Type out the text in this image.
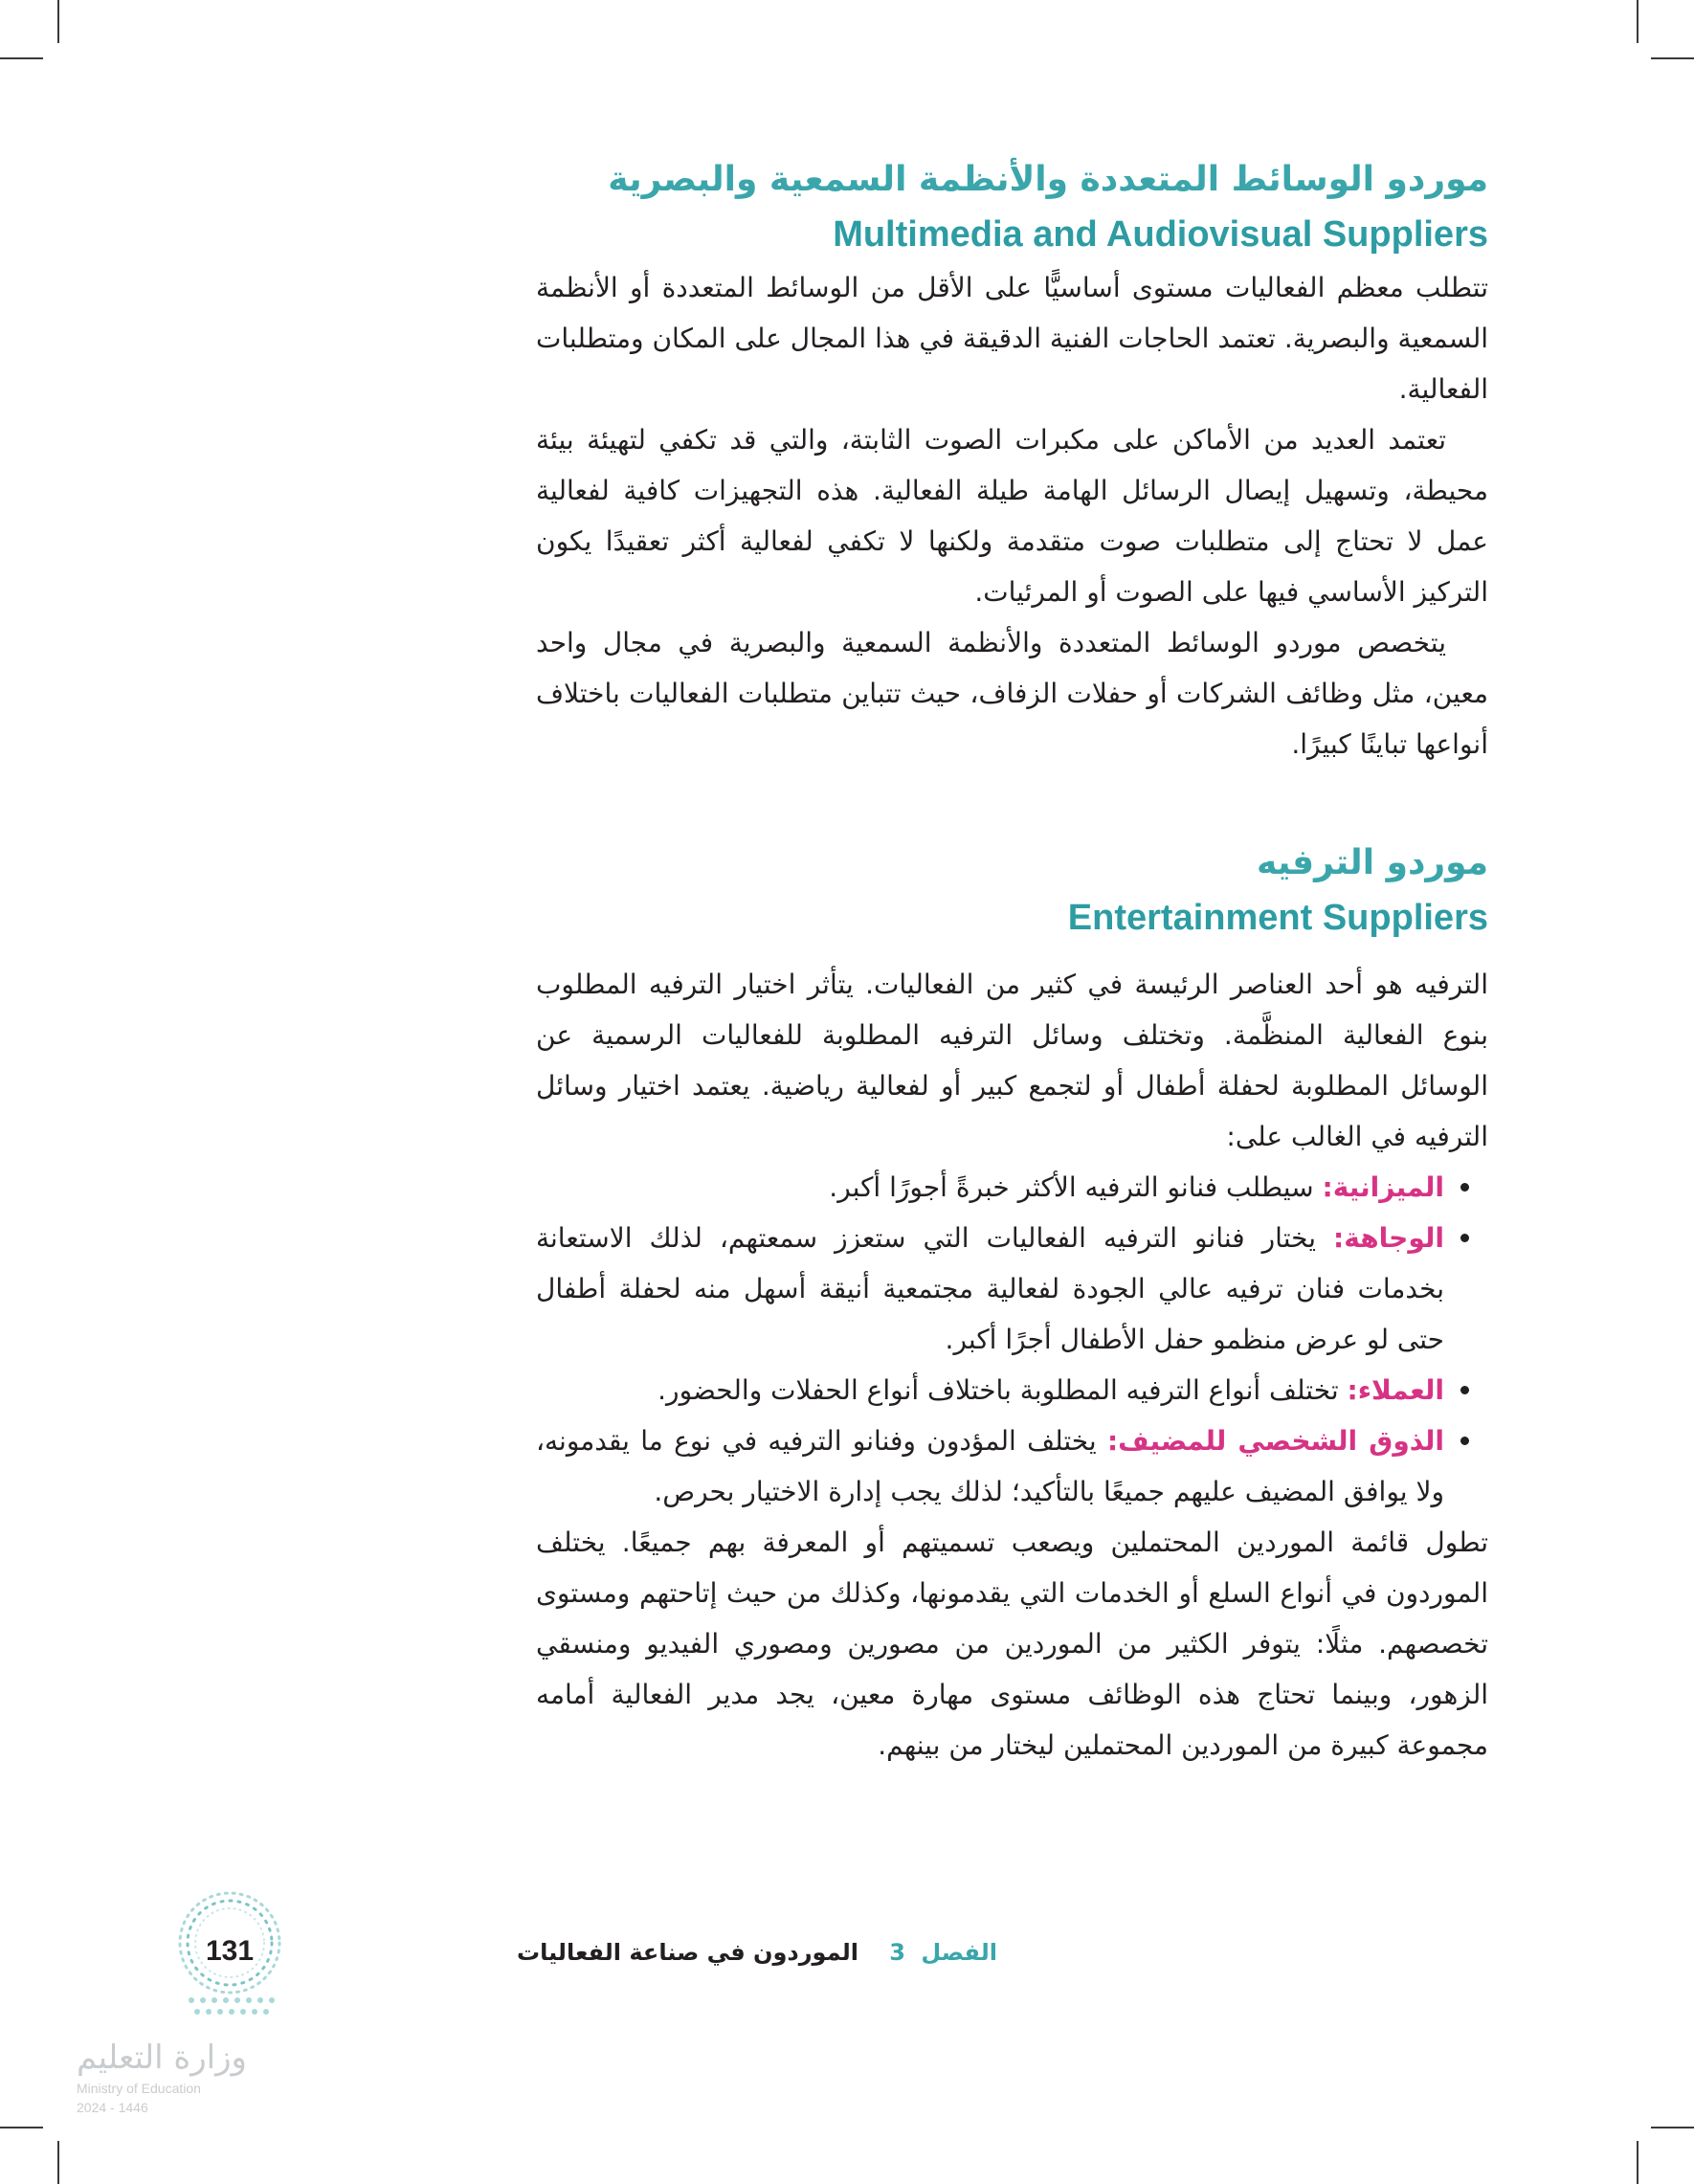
موردو الوسائط المتعددة والأنظمة السمعية والبصرية
Multimedia and Audiovisual Suppliers

تتطلب معظم الفعاليات مستوى أساسيًّا على الأقل من الوسائط المتعددة أو الأنظمة السمعية والبصرية. تعتمد الحاجات الفنية الدقيقة في هذا المجال على المكان ومتطلبات الفعالية.

تعتمد العديد من الأماكن على مكبرات الصوت الثابتة، والتي قد تكفي لتهيئة بيئة محيطة، وتسهيل إيصال الرسائل الهامة طيلة الفعالية. هذه التجهيزات كافية لفعالية عمل لا تحتاج إلى متطلبات صوت متقدمة ولكنها لا تكفي لفعالية أكثر تعقيدًا يكون التركيز الأساسي فيها على الصوت أو المرئيات.

يتخصص موردو الوسائط المتعددة والأنظمة السمعية والبصرية في مجال واحد معين، مثل وظائف الشركات أو حفلات الزفاف، حيث تتباين متطلبات الفعاليات باختلاف أنواعها تباينًا كبيرًا.

موردو الترفيه
Entertainment Suppliers

الترفيه هو أحد العناصر الرئيسة في كثير من الفعاليات. يتأثر اختيار الترفيه المطلوب بنوع الفعالية المنظَّمة. وتختلف وسائل الترفيه المطلوبة للفعاليات الرسمية عن الوسائل المطلوبة لحفلة أطفال أو لتجمع كبير أو لفعالية رياضية. يعتمد اختيار وسائل الترفيه في الغالب على:

الميزانية: سيطلب فنانو الترفيه الأكثر خبرةً أجورًا أكبر.
الوجاهة: يختار فنانو الترفيه الفعاليات التي ستعزز سمعتهم، لذلك الاستعانة بخدمات فنان ترفيه عالي الجودة لفعالية مجتمعية أنيقة أسهل منه لحفلة أطفال حتى لو عرض منظمو حفل الأطفال أجرًا أكبر.
العملاء: تختلف أنواع الترفيه المطلوبة باختلاف أنواع الحفلات والحضور.
الذوق الشخصي للمضيف: يختلف المؤدون وفنانو الترفيه في نوع ما يقدمونه، ولا يوافق المضيف عليهم جميعًا بالتأكيد؛ لذلك يجب إدارة الاختيار بحرص.

تطول قائمة الموردين المحتملين ويصعب تسميتهم أو المعرفة بهم جميعًا. يختلف الموردون في أنواع السلع أو الخدمات التي يقدمونها، وكذلك من حيث إتاحتهم ومستوى تخصصهم. مثلًا: يتوفر الكثير من الموردين من مصورين ومصوري الفيديو ومنسقي الزهور، وبينما تحتاج هذه الوظائف مستوى مهارة معين، يجد مدير الفعالية أمامه مجموعة كبيرة من الموردين المحتملين ليختار من بينهم.

الفصل 3 الموردون في صناعة الفعاليات
131
وزارة التعليم
Ministry of Education
2024 - 1446
